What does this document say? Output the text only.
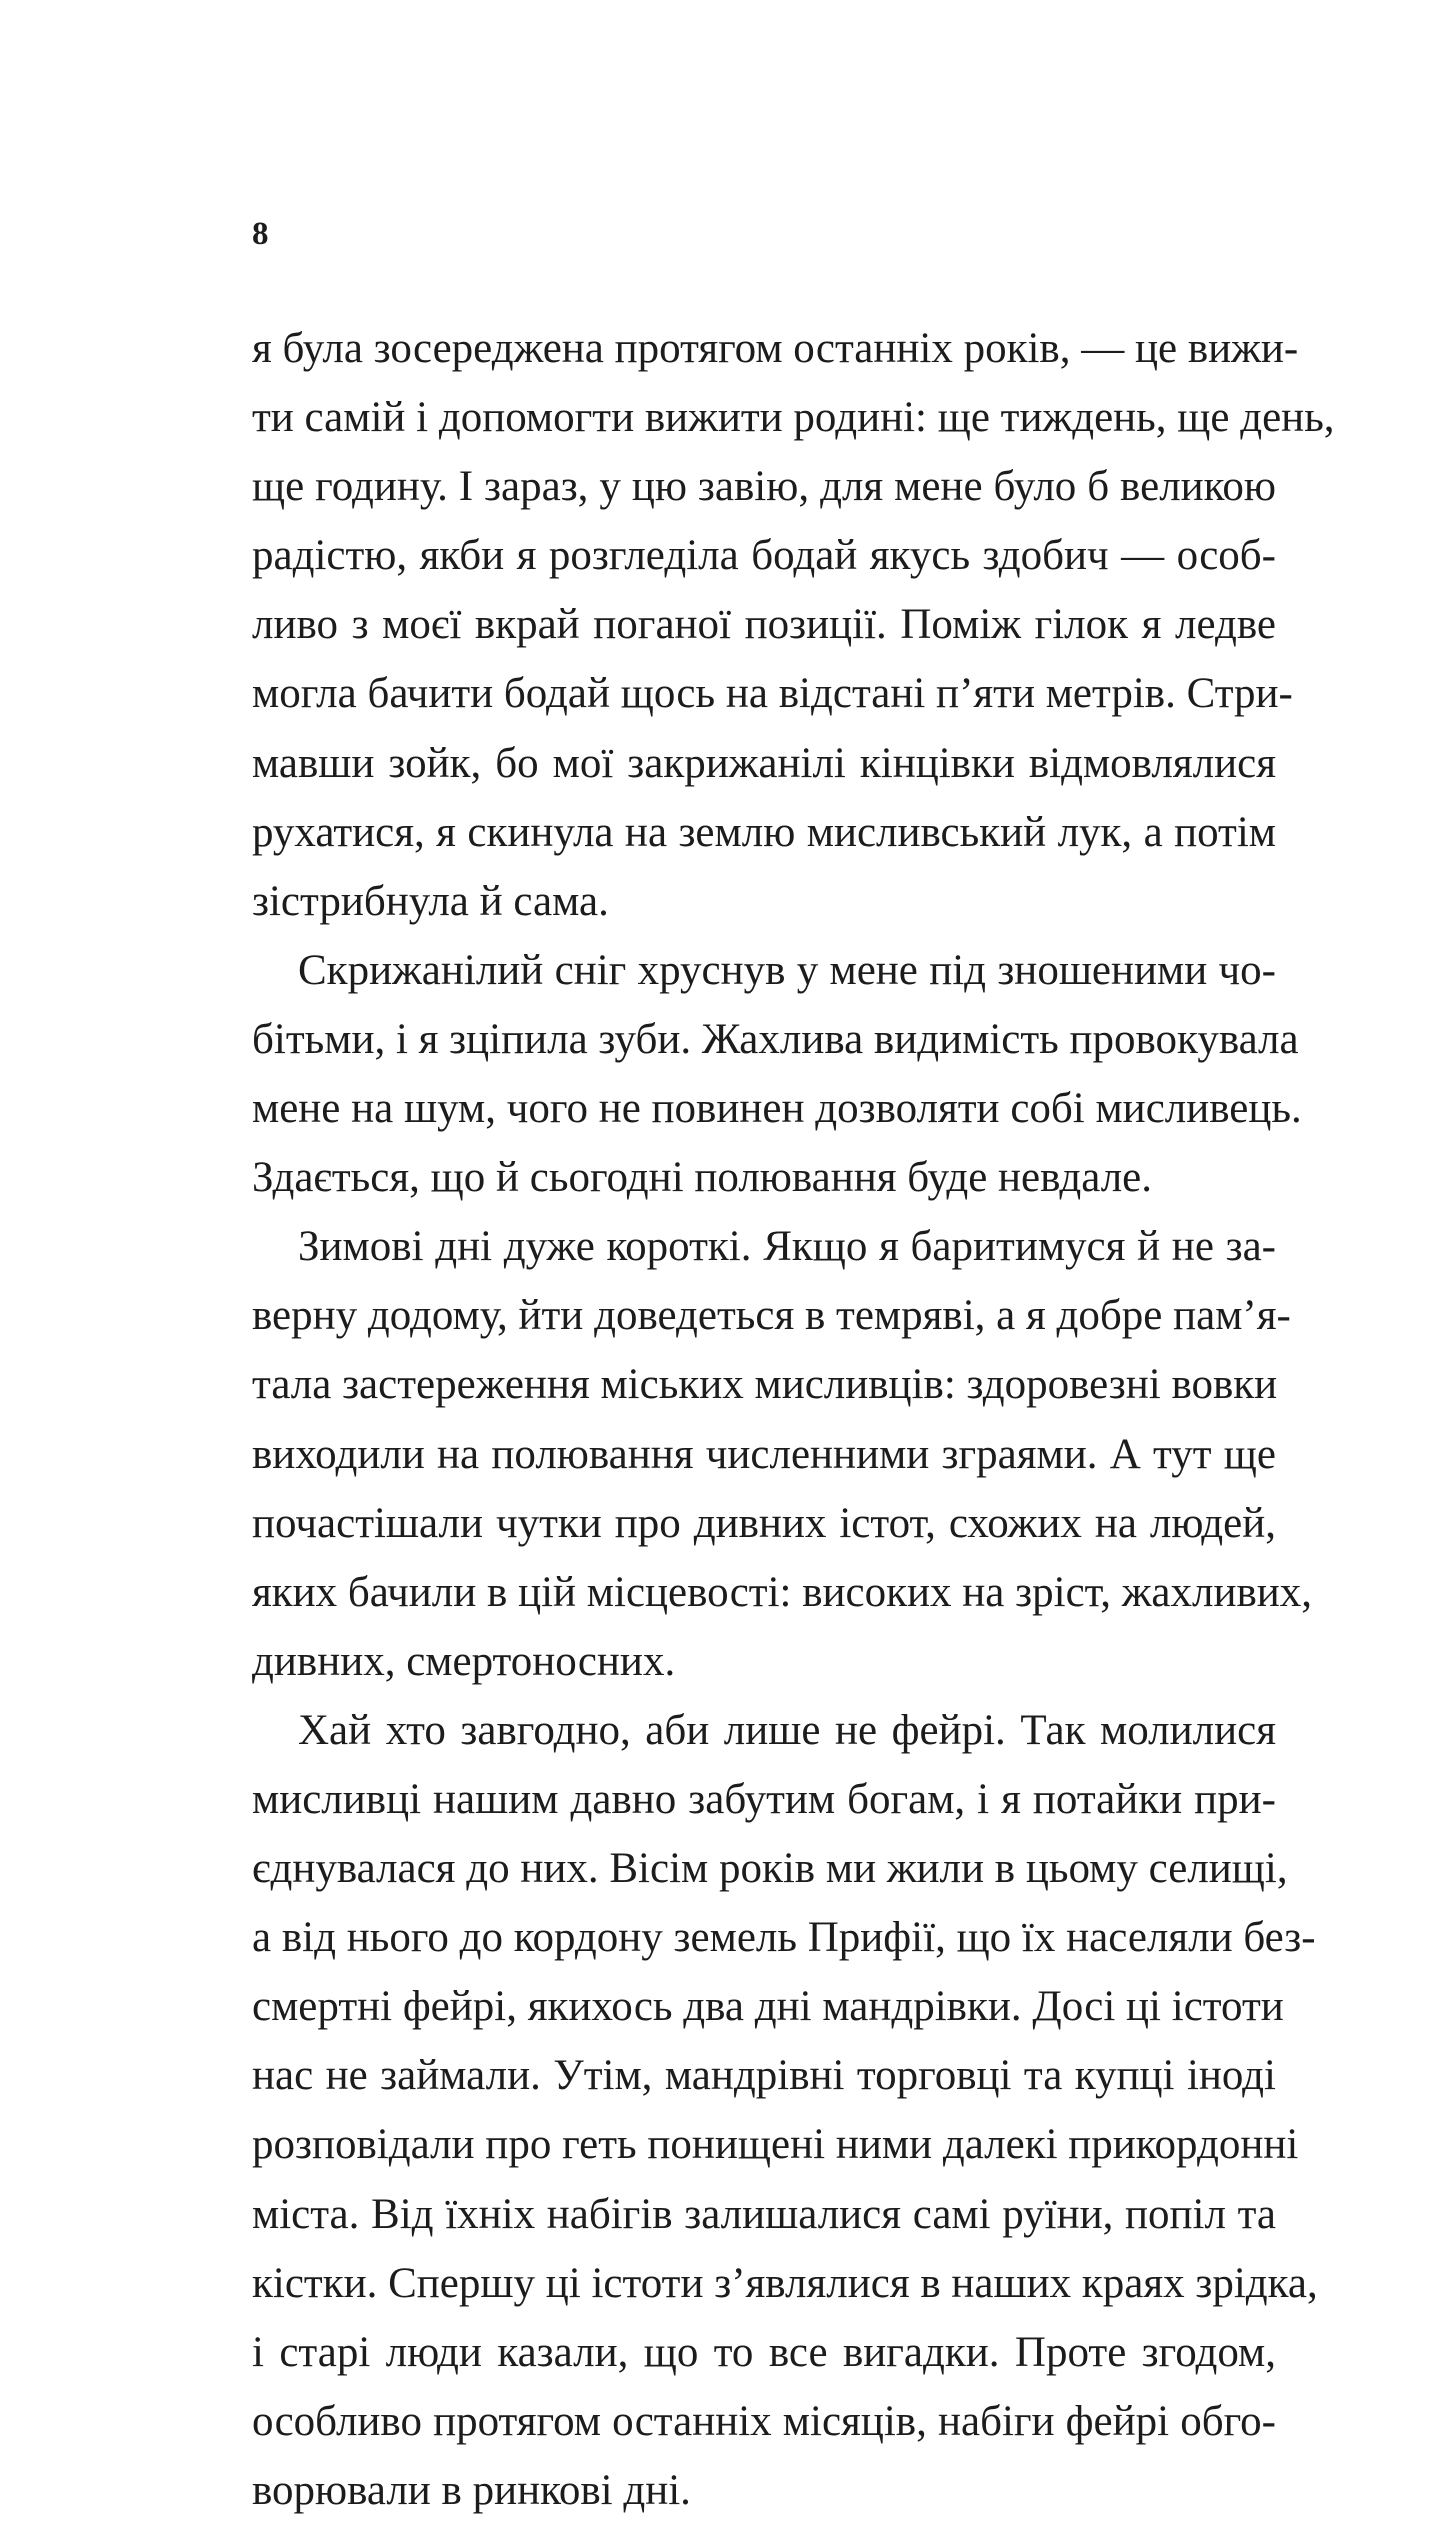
8
я була зосереджена протягом останніх років, — це вижи-
ти самій і допомогти вижити родині: ще тиждень, ще день,
ще годину. І зараз, у цю завію, для мене було б великою
радістю, якби я розгледіла бодай якусь здобич — особ-
ливо з моєї вкрай поганої позиції. Поміж гілок я ледве
могла бачити бодай щось на відстані п’яти метрів. Стри-
мавши зойк, бо мої закрижанілі кінцівки відмовлялися
рухатися, я скинула на землю мисливський лук, а потім
зістрибнула й сама.
Скрижанілий сніг хруснув у мене під зношеними чо-
бітьми, і я зціпила зуби. Жахлива видимість провокувала
мене на шум, чого не повинен дозволяти собі мисливець.
Здається, що й сьогодні полювання буде невдале.
Зимові дні дуже короткі. Якщо я баритимуся й не за-
верну додому, йти доведеться в темряві, а я добре пам’я-
тала застереження міських мисливців: здоровезні вовки
виходили на полювання численними зграями. А тут ще
почастішали чутки про дивних істот, схожих на людей,
яких бачили в цій місцевості: високих на зріст, жахливих,
дивних, смертоносних.
Хай хто завгодно, аби лише не фейрі. Так молилися
мисливці нашим давно забутим богам, і я потайки при-
єднувалася до них. Вісім років ми жили в цьому селищі,
а від нього до кордону земель Прифії, що їх населяли без-
смертні фейрі, якихось два дні мандрівки. Досі ці істоти
нас не займали. Утім, мандрівні торговці та купці іноді
розповідали про геть понищені ними далекі прикордонні
міста. Від їхніх набігів залишалися самі руїни, попіл та
кістки. Спершу ці істоти з’являлися в наших краях зрідка,
і старі люди казали, що то все вигадки. Проте згодом,
особливо протягом останніх місяців, набіги фейрі обго-
ворювали в ринкові дні.
